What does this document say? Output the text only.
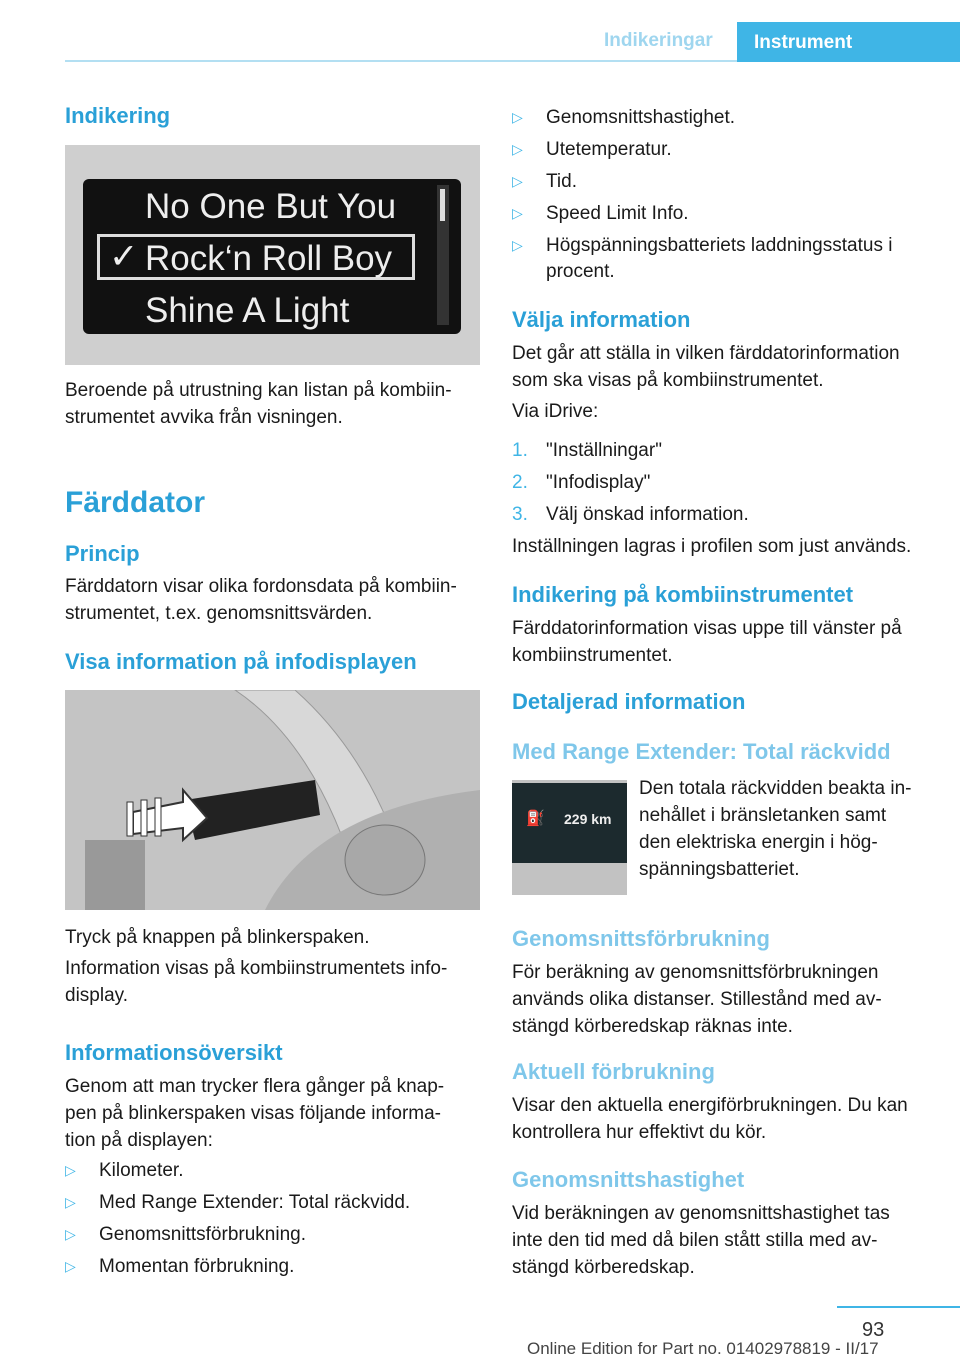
Indikeringar	Instrument
Indikering
No One But You
✓ Rock‘n Roll Boy
Shine A Light
Beroende på utrustning kan listan på kombiin-
strumentet avvika från visningen.
Färddator
Princip
Färddatorn visar olika fordonsdata på kombiin-
strumentet, t.ex. genomsnittsvärden.
Visa information på infodisplayen
Tryck på knappen på blinkerspaken.
Information visas på kombiinstrumentets info-
display.
Informationsöversikt
Genom att man trycker flera gånger på knap-
pen på blinkerspaken visas följande informa-
tion på displayen:
▷ Kilometer.
▷ Med Range Extender: Total räckvidd.
▷ Genomsnittsförbrukning.
▷ Momentan förbrukning.
▷ Genomsnittshastighet.
▷ Utetemperatur.
▷ Tid.
▷ Speed Limit Info.
▷ Högspänningsbatteriets laddningsstatus i
procent.
Välja information
Det går att ställa in vilken färddatorinformation
som ska visas på kombiinstrumentet.
Via iDrive:
1. "Inställningar"
2. "Infodisplay"
3. Välj önskad information.
Inställningen lagras i profilen som just används.
Indikering på kombiinstrumentet
Färddatorinformation visas uppe till vänster på
kombiinstrumentet.
Detaljerad information
Med Range Extender: Total räckvidd
⛽ 229 km
Den totala räckvidden beakta in-
nehållet i bränsletanken samt
den elektriska energin i hög-
spänningsbatteriet.
Genomsnittsförbrukning
För beräkning av genomsnittsförbrukningen
används olika distanser. Stillestånd med av-
stängd körberedskap räknas inte.
Aktuell förbrukning
Visar den aktuella energiförbrukningen. Du kan
kontrollera hur effektivt du kör.
Genomsnittshastighet
Vid beräkningen av genomsnittshastighet tas
inte den tid med då bilen stått stilla med av-
stängd körberedskap.
93
Online Edition for Part no. 01402978819 - II/17
